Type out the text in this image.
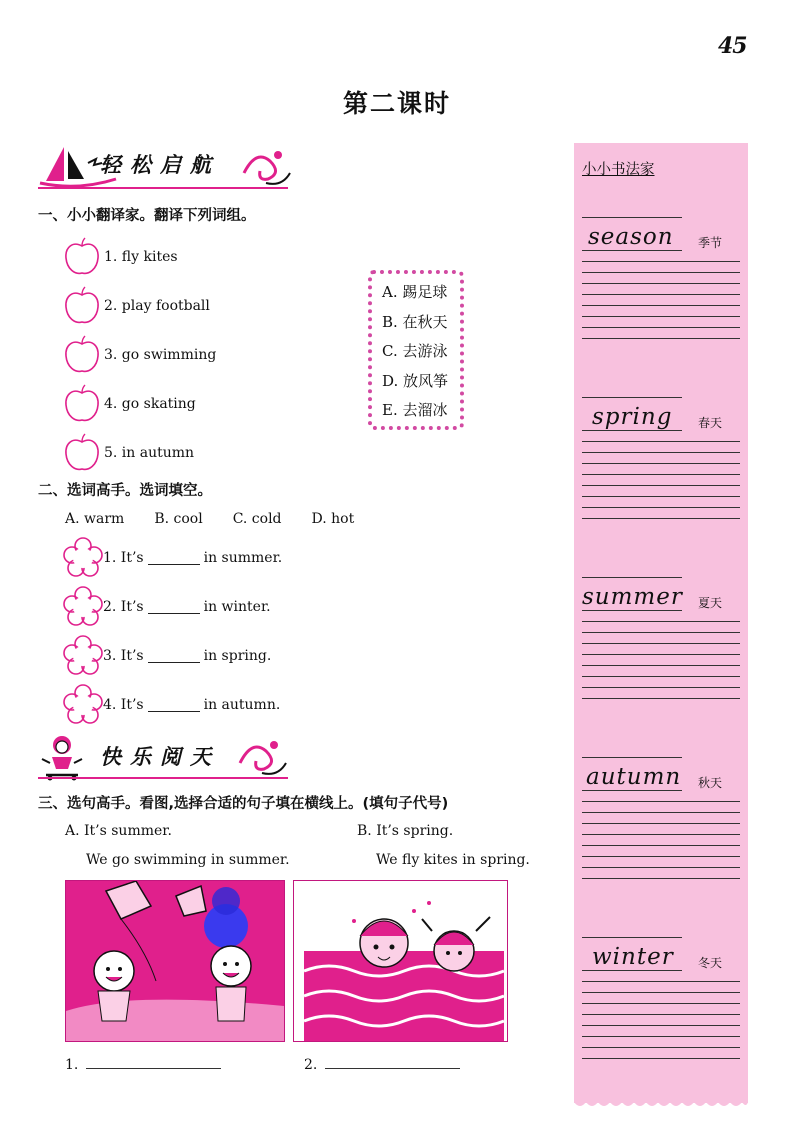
45
第二课时
轻松启航
一、小小翻译家。翻译下列词组。
1. fly kites
2. play football
3. go swimming
4. go skating
5. in autumn
A. 踢足球
B. 在秋天
C. 去游泳
D. 放风筝
E. 去溜冰
二、选词高手。选词填空。
A. warm B. cool C. cold D. hot
1. It’s	in summer.
2. It’s	in winter.
3. It’s	in spring.
4. It’s	in autumn.
快乐阅天
三、选句高手。看图,选择合适的句子填在横线上。(填句子代号)
A. It’s summer.
We go swimming in summer.
B. It’s spring.
We fly kites in spring.
1.	2.
小小书法家
season 季节
spring 春天
summer 夏天
autumn 秋天
winter 冬天
